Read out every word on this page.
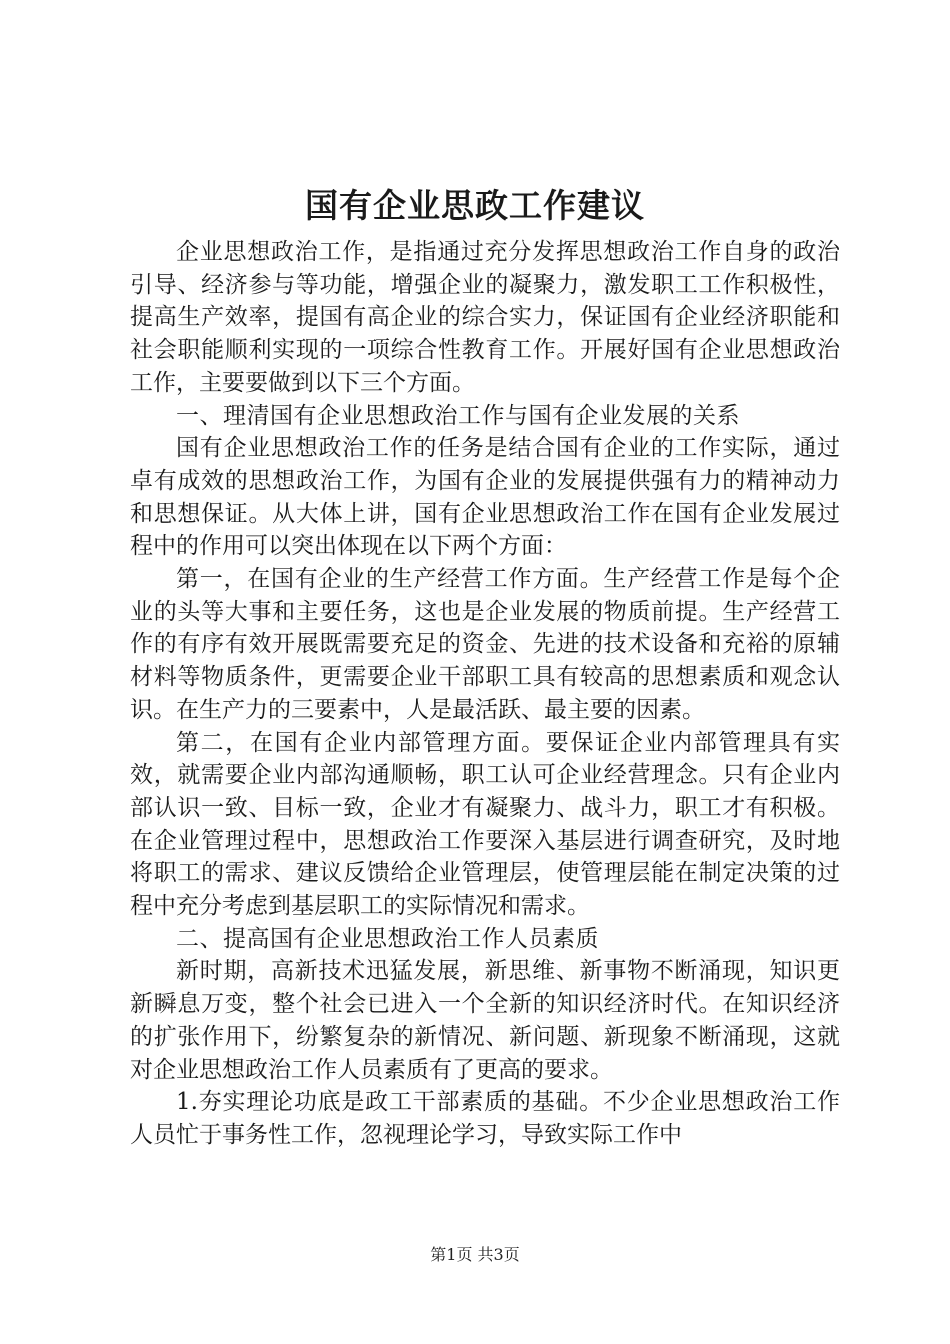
国有企业思政工作建议

企业思想政治工作，是指通过充分发挥思想政治工作自身的政治引导、经济参与等功能，增强企业的凝聚力，激发职工工作积极性，提高生产效率，提国有高企业的综合实力，保证国有企业经济职能和社会职能顺利实现的一项综合性教育工作。开展好国有企业思想政治工作，主要要做到以下三个方面。

一、理清国有企业思想政治工作与国有企业发展的关系

国有企业思想政治工作的任务是结合国有企业的工作实际，通过卓有成效的思想政治工作，为国有企业的发展提供强有力的精神动力和思想保证。从大体上讲，国有企业思想政治工作在国有企业发展过程中的作用可以突出体现在以下两个方面：

第一，在国有企业的生产经营工作方面。生产经营工作是每个企业的头等大事和主要任务，这也是企业发展的物质前提。生产经营工作的有序有效开展既需要充足的资金、先进的技术设备和充裕的原辅材料等物质条件，更需要企业干部职工具有较高的思想素质和观念认识。在生产力的三要素中，人是最活跃、最主要的因素。

第二，在国有企业内部管理方面。要保证企业内部管理具有实效，就需要企业内部沟通顺畅，职工认可企业经营理念。只有企业内部认识一致、目标一致，企业才有凝聚力、战斗力，职工才有积极。在企业管理过程中，思想政治工作要深入基层进行调查研究，及时地将职工的需求、建议反馈给企业管理层，使管理层能在制定决策的过程中充分考虑到基层职工的实际情况和需求。

二、提高国有企业思想政治工作人员素质

新时期，高新技术迅猛发展，新思维、新事物不断涌现，知识更新瞬息万变，整个社会已进入一个全新的知识经济时代。在知识经济的扩张作用下，纷繁复杂的新情况、新问题、新现象不断涌现，这就对企业思想政治工作人员素质有了更高的要求。

1.夯实理论功底是政工干部素质的基础。不少企业思想政治工作人员忙于事务性工作，忽视理论学习，导致实际工作中

第1页 共3页
